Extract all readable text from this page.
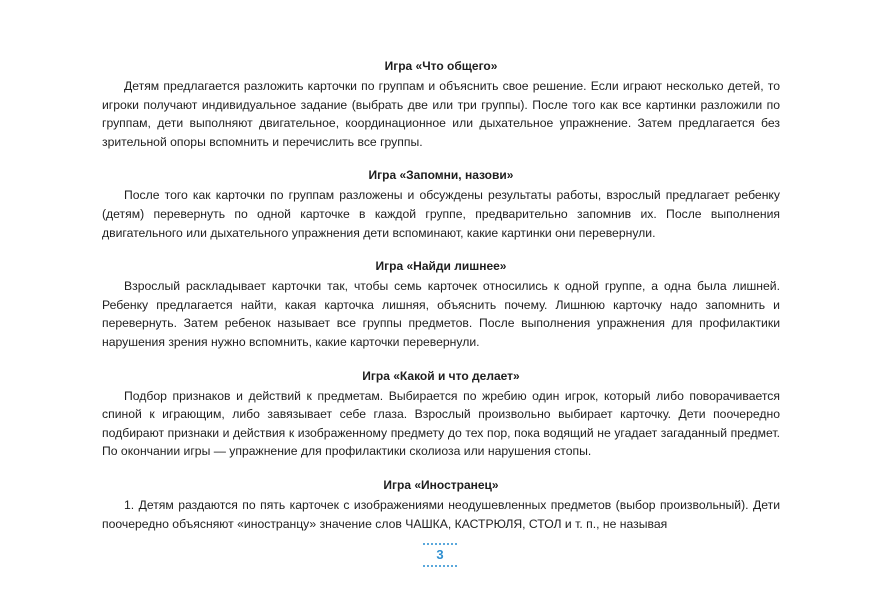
Игра «Что общего»

Детям предлагается разложить карточки по группам и объяснить свое решение. Если играют несколько детей, то игроки получают индивидуальное задание (выбрать две или три группы). После того как все картинки разложили по группам, дети выполняют двигательное, координационное или дыхательное упражнение. Затем предлагается без зрительной опоры вспомнить и перечислить все группы.

Игра «Запомни, назови»

После того как карточки по группам разложены и обсуждены результаты работы, взрослый предлагает ребенку (детям) перевернуть по одной карточке в каждой группе, предварительно запомнив их. После выполнения двигательного или дыхательного упражнения дети вспоминают, какие картинки они перевернули.

Игра «Найди лишнее»

Взрослый раскладывает карточки так, чтобы семь карточек относились к одной группе, а одна была лишней. Ребенку предлагается найти, какая карточка лишняя, объяснить почему. Лишнюю карточку надо запомнить и перевернуть. Затем ребенок называет все группы предметов. После выполнения упражнения для профилактики нарушения зрения нужно вспомнить, какие карточки перевернули.

Игра «Какой и что делает»

Подбор признаков и действий к предметам. Выбирается по жребию один игрок, который либо поворачивается спиной к играющим, либо завязывает себе глаза. Взрослый произвольно выбирает карточку. Дети поочередно подбирают признаки и действия к изображенному предмету до тех пор, пока водящий не угадает загаданный предмет. По окончании игры — упражнение для профилактики сколиоза или нарушения стопы.

Игра «Иностранец»

1. Детям раздаются по пять карточек с изображениями неодушевленных предметов (выбор произвольный). Дети поочередно объясняют «иностранцу» значение слов ЧАШКА, КАСТРЮЛЯ, СТОЛ и т. п., не называя

3
